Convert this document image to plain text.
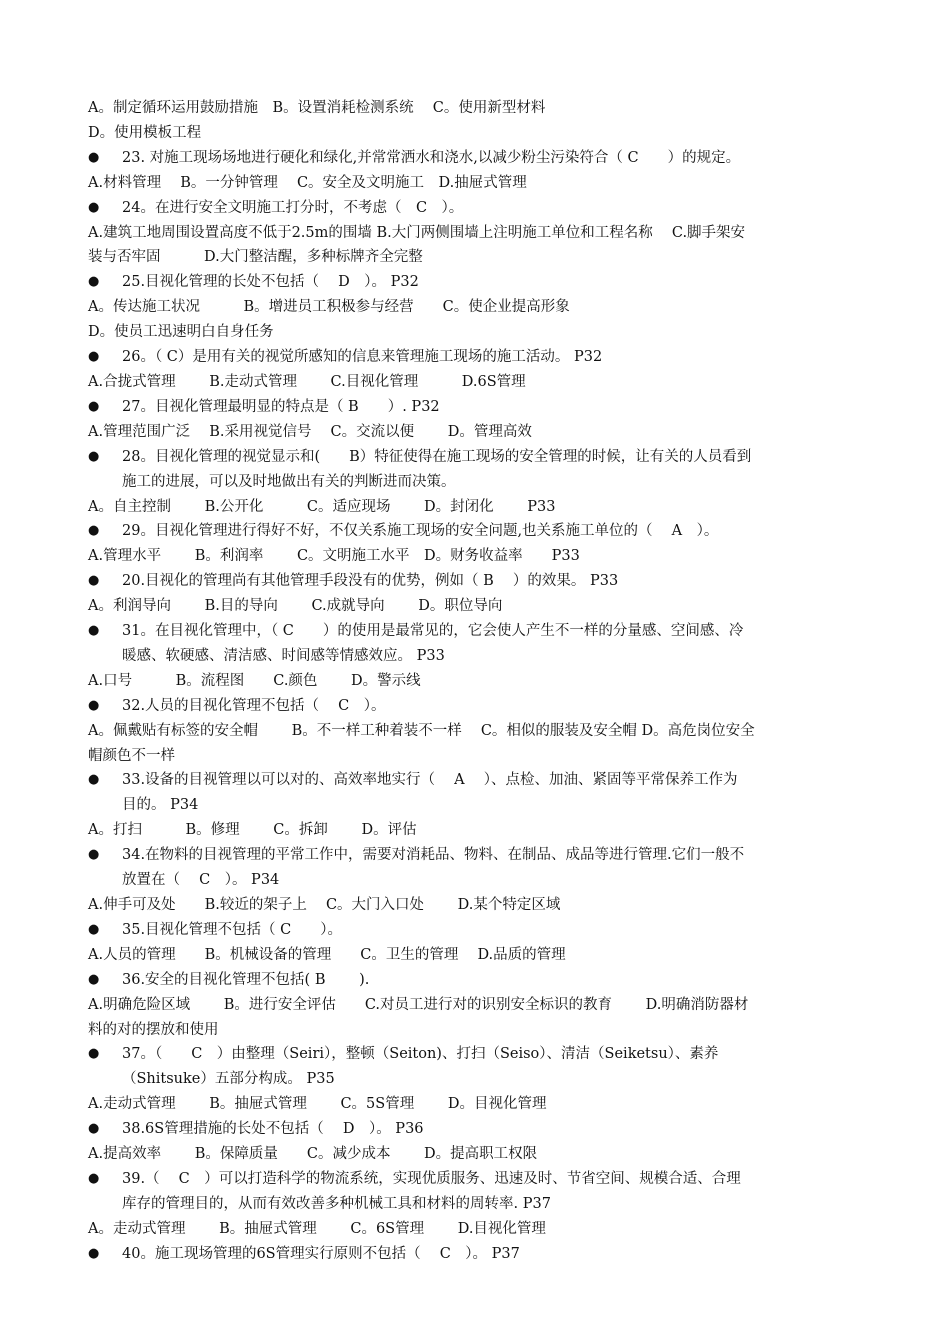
A。制定循环运用鼓励措施　B。设置消耗检测系统　 C。使用新型材料
D。使用模板工程
● 23. 对施工现场场地进行硬化和绿化,并常常洒水和浇水,以减少粉尘污染符合（ C　　）的规定。
A.材料管理　 B。一分钟管理　 C。安全及文明施工　D.抽屉式管理
● 24。在进行安全文明施工打分时，不考虑（　C　）。
A.建筑工地周围设置高度不低于2.5m的围墙 B.大门两侧围墙上注明施工单位和工程名称　 C.脚手架安
装与否牢固　　　D.大门整洁醒，多种标牌齐全完整
● 25.目视化管理的长处不包括（　 D　）。 P32
A。传达施工状况　　　B。增进员工积极参与经营　　C。使企业提高形象
D。使员工迅速明白自身任务
● 26。（ C）是用有关的视觉所感知的信息来管理施工现场的施工活动。 P32
A.合拢式管理　　 B.走动式管理　　 C.目视化管理　　　D.6S管理
● 27。目视化管理最明显的特点是（ B　　）. P32
A.管理范围广泛　 B.采用视觉信号　 C。交流以便　　 D。管理高效
● 28。目视化管理的视觉显示和(　　B）特征使得在施工现场的安全管理的时候，让有关的人员看到
施工的进展，可以及时地做出有关的判断进而决策。
A。自主控制　　 B.公开化　　　C。适应现场　　 D。封闭化　　 P33
● 29。目视化管理进行得好不好，不仅关系施工现场的安全问题,也关系施工单位的（　 A　）。
A.管理水平　　 B。利润率　　 C。文明施工水平　D。财务收益率　　P33
● 20.目视化的管理尚有其他管理手段没有的优势，例如（ B　 ）的效果。 P33
A。利润导向　　 B.目的导向　　 C.成就导向　　 D。职位导向
● 31。在目视化管理中，（ C　　）的使用是最常见的，它会使人产生不一样的分量感、空间感、冷
暖感、软硬感、清洁感、时间感等情感效应。 P33
A.口号　　　B。流程图　　C.颜色　　 D。警示线
● 32.人员的目视化管理不包括（　 C　）。
A。佩戴贴有标签的安全帽　　 B。不一样工种着装不一样　 C。相似的服装及安全帽 D。高危岗位安全
帽颜色不一样
● 33.设备的目视管理以可以对的、高效率地实行（　 A　 ）、点检、加油、紧固等平常保养工作为
目的。 P34
A。打扫　　　B。修理　　 C。拆卸　　 D。评估
● 34.在物料的目视管理的平常工作中，需要对消耗品、物料、在制品、成品等进行管理.它们一般不
放置在（　 C　）。 P34
A.伸手可及处　　B.较近的架子上　 C。大门入口处　　 D.某个特定区域
● 35.目视化管理不包括（ C　　）。
A.人员的管理　　B。机械设备的管理　　C。卫生的管理　 D.品质的管理
● 36.安全的目视化管理不包括( B　　 ).
A.明确危险区域　　 B。进行安全评估　　C.对员工进行对的识别安全标识的教育　　 D.明确消防器材
料的对的摆放和使用
● 37。（　　C　）由整理（Seiri），整顿（Seiton)、打扫（Seiso）、清洁（Seiketsu）、素养
（Shitsuke）五部分构成。 P35
A.走动式管理　　 B。抽屉式管理　　 C。5S管理　　 D。目视化管理
● 38.6S管理措施的长处不包括（　 D　）。 P36
A.提高效率　　 B。保障质量　　C。减少成本　　 D。提高职工权限
● 39.（　 C　）可以打造科学的物流系统，实现优质服务、迅速及时、节省空间、规模合适、合理
库存的管理目的，从而有效改善多种机械工具和材料的周转率. P37
A。走动式管理　　 B。抽屉式管理　　 C。6S管理　　 D.目视化管理
● 40。施工现场管理的6S管理实行原则不包括（　 C　）。 P37
